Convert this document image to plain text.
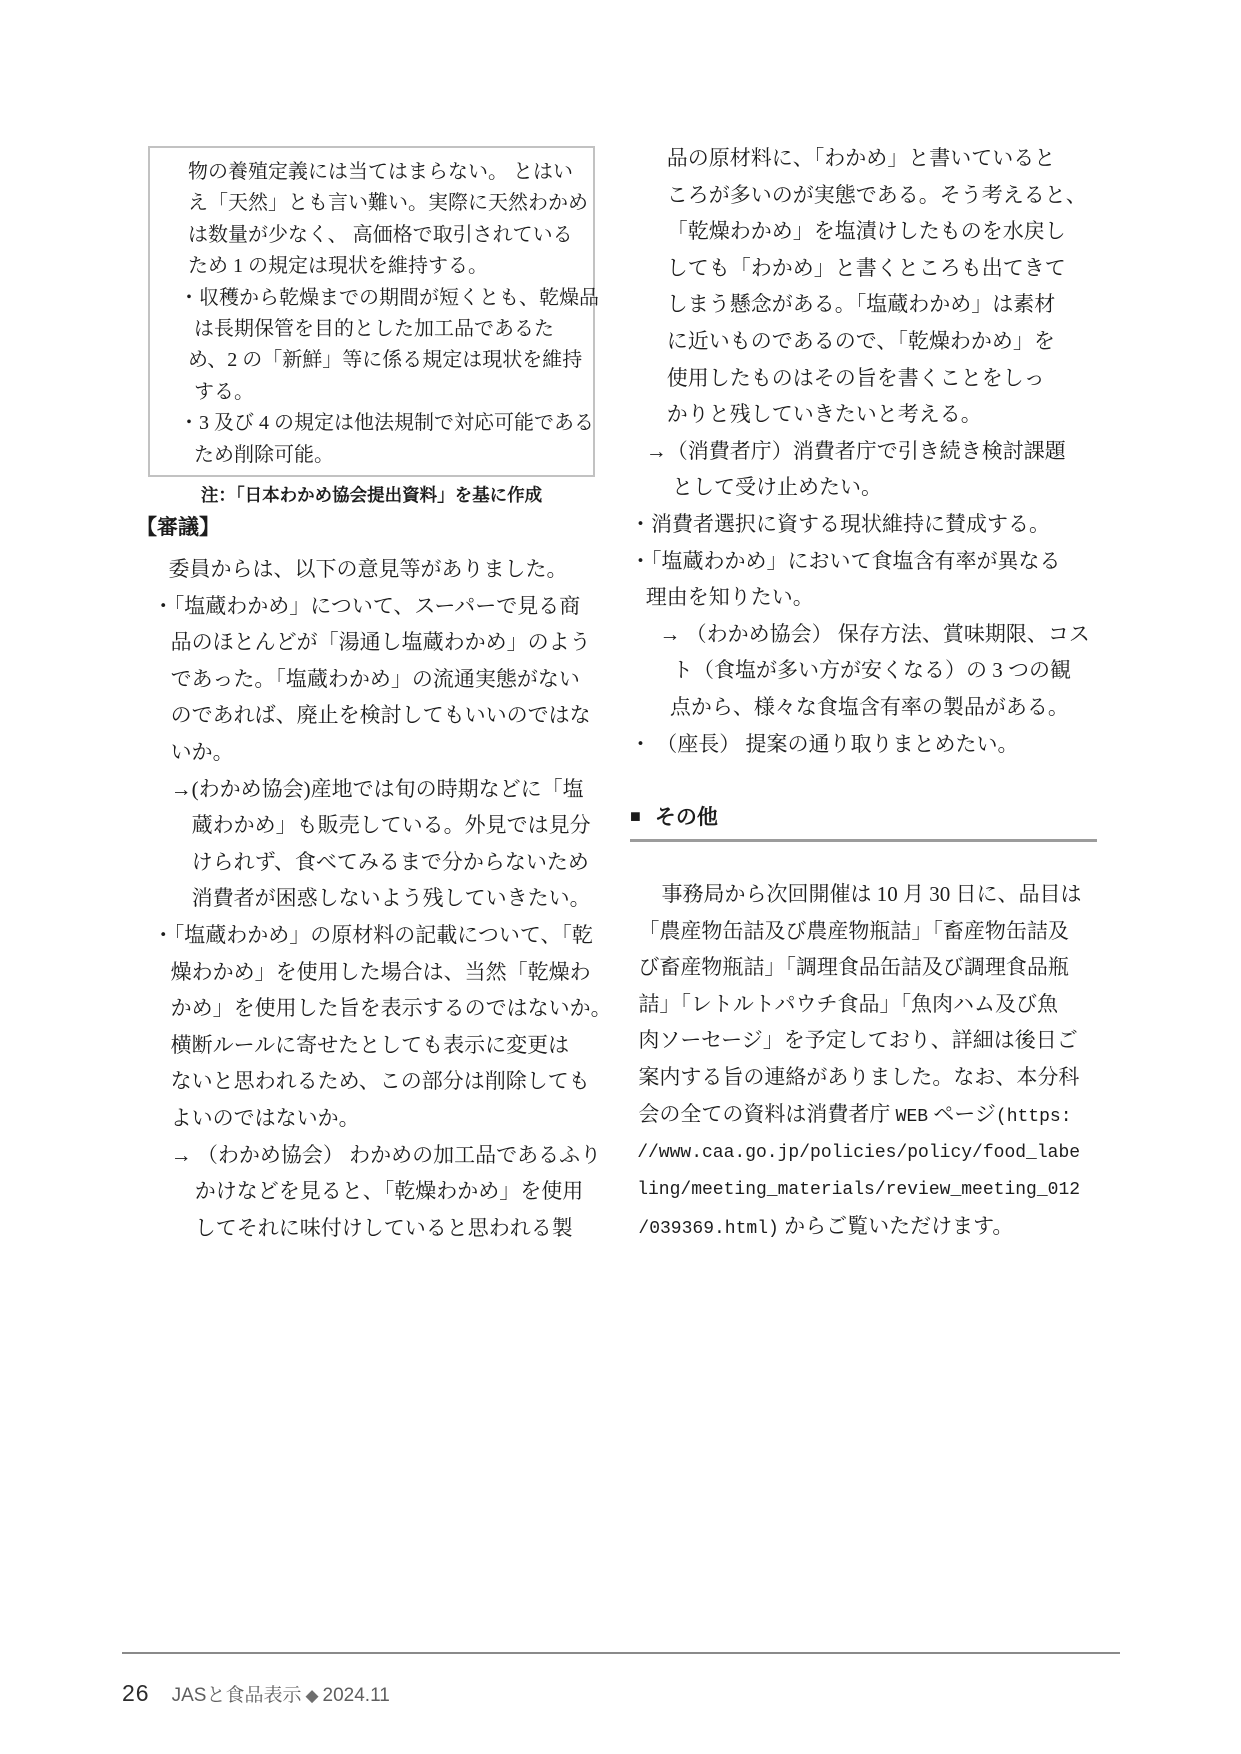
物の養殖定義には当てはまらない。 とはい
え「天然」とも言い難い。実際に天然わかめ
は数量が少なく、 高価格で取引されている
ため 1 の規定は現状を維持する。
・収穫から乾燥までの期間が短くとも、乾燥品
は長期保管を目的とした加工品であるた
め、2 の「新鮮」等に係る規定は現状を維持
する。
・3 及び 4 の規定は他法規制で対応可能である
ため削除可能。
注：「日本わかめ協会提出資料」を基に作成
【審議】
委員からは、以下の意見等がありました。
・「塩蔵わかめ」について、スーパーで見る商
品のほとんどが「湯通し塩蔵わかめ」のよう
であった。「塩蔵わかめ」の流通実態がない
のであれば、廃止を検討してもいいのではな
いか。
→(わかめ協会)産地では旬の時期などに「塩
蔵わかめ」も販売している。外見では見分
けられず、食べてみるまで分からないため
消費者が困惑しないよう残していきたい。
・「塩蔵わかめ」の原材料の記載について、「乾
燥わかめ」を使用した場合は、当然「乾燥わ
かめ」を使用した旨を表示するのではないか。
横断ルールに寄せたとしても表示に変更は
ないと思われるため、この部分は削除しても
よいのではないか。
→ （わかめ協会） わかめの加工品であるふり
かけなどを見ると、「乾燥わかめ」を使用
してそれに味付けしていると思われる製
品の原材料に、「わかめ」と書いていると
ころが多いのが実態である。そう考えると、
「乾燥わかめ」を塩漬けしたものを水戻し
しても「わかめ」と書くところも出てきて
しまう懸念がある。「塩蔵わかめ」は素材
に近いものであるので、「乾燥わかめ」を
使用したものはその旨を書くことをしっ
かりと残していきたいと考える。
→（消費者庁）消費者庁で引き続き検討課題
として受け止めたい。
・消費者選択に資する現状維持に賛成する。
・「塩蔵わかめ」において食塩含有率が異なる
理由を知りたい。
→ （わかめ協会） 保存方法、賞味期限、コス
ト（食塩が多い方が安くなる）の 3 つの観
点から、様々な食塩含有率の製品がある。
・ （座長） 提案の通り取りまとめたい。
■ その他
事務局から次回開催は 10 月 30 日に、品目は
「農産物缶詰及び農産物瓶詰」「畜産物缶詰及
び畜産物瓶詰」「調理食品缶詰及び調理食品瓶
詰」「レトルトパウチ食品」「魚肉ハム及び魚
肉ソーセージ」を予定しており、詳細は後日ご
案内する旨の連絡がありました。なお、本分科
会の全ての資料は消費者庁 WEB ページ(https:
//www.caa.go.jp/policies/policy/food_labe
ling/meeting_materials/review_meeting_012
/039369.html) からご覧いただけます。
26 JASと食品表示 ◆ 2024.11
